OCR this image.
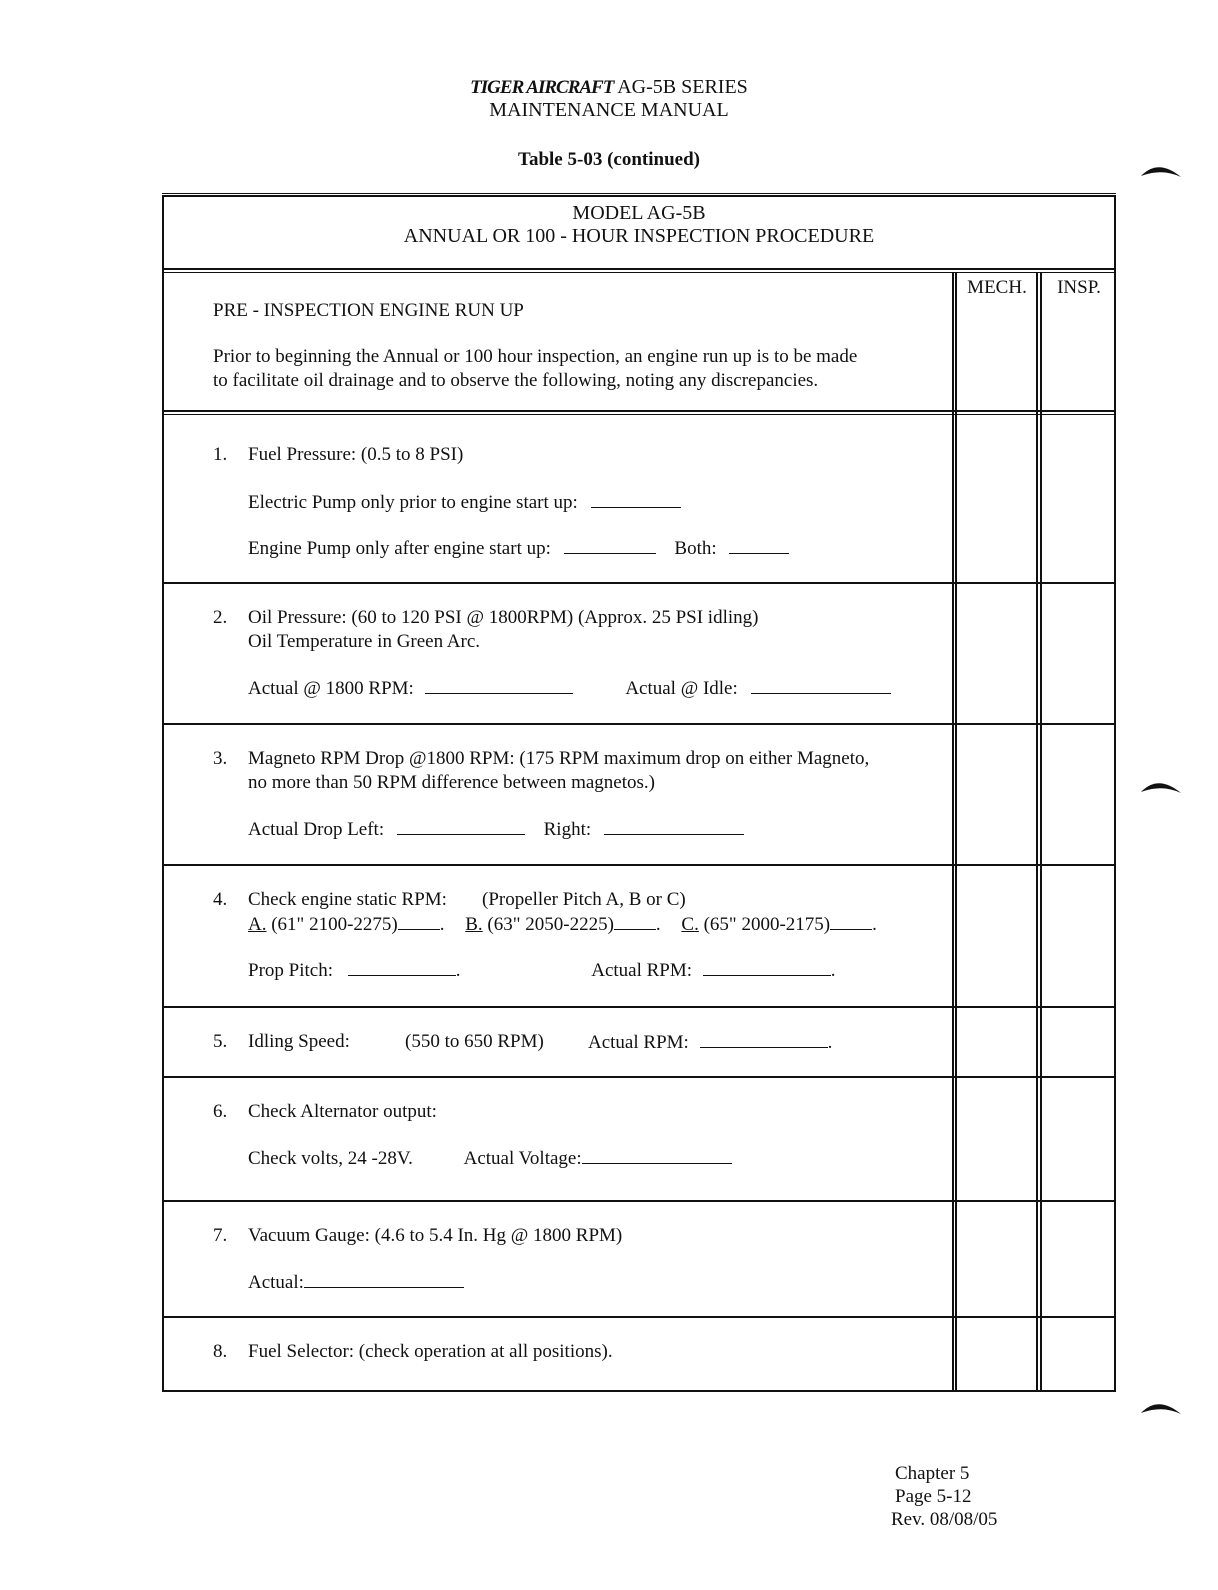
TIGER AIRCRAFT AG-5B SERIES
MAINTENANCE MANUAL
Table 5-03 (continued)
MODEL AG-5B
ANNUAL OR 100 - HOUR INSPECTION PROCEDURE
MECH.	INSP.
PRE - INSPECTION ENGINE RUN UP
Prior to beginning the Annual or 100 hour inspection, an engine run up is to be made
to facilitate oil drainage and to observe the following, noting any discrepancies.
1. Fuel Pressure: (0.5 to 8 PSI)
Electric Pump only prior to engine start up:
Engine Pump only after engine start up:	Both:
2. Oil Pressure: (60 to 120 PSI @ 1800RPM) (Approx. 25 PSI idling)
Oil Temperature in Green Arc.
Actual @ 1800 RPM:	Actual @ Idle:
3. Magneto RPM Drop @1800 RPM: (175 RPM maximum drop on either Magneto,
no more than 50 RPM difference between magnetos.)
Actual Drop Left:	Right:
4. Check engine static RPM: (Propeller Pitch A, B or C)
A. (61" 2100-2275) . B. (63" 2050-2225) . C. (65" 2000-2175) .
Prop Pitch:	.	Actual RPM:	.
5. Idling Speed:	(550 to 650 RPM) Actual RPM:	.
6. Check Alternator output:
Check volts, 24 -28V.	Actual Voltage:
7. Vacuum Gauge: (4.6 to 5.4 In. Hg @ 1800 RPM)
Actual:
8. Fuel Selector: (check operation at all positions).
Chapter 5
Page 5-12
Rev. 08/08/05
